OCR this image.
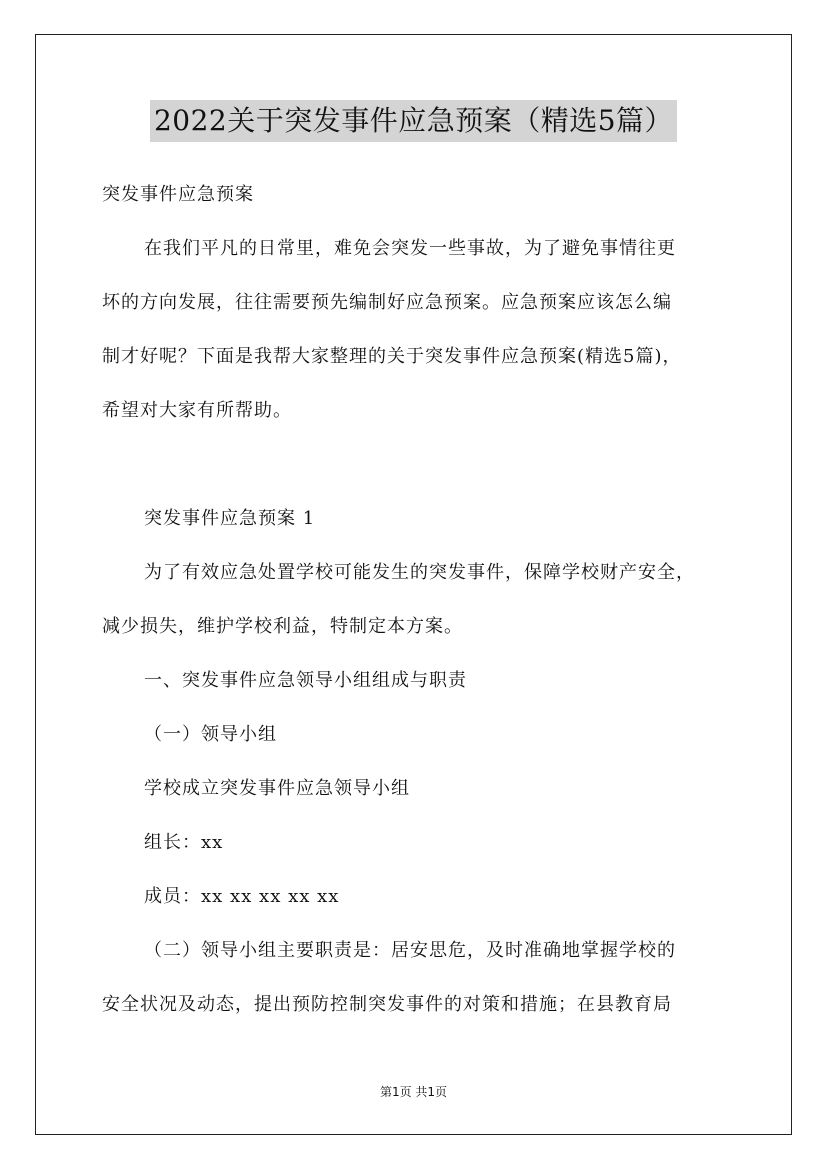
2022关于突发事件应急预案（精选5篇）
突发事件应急预案
在我们平凡的日常里，难免会突发一些事故，为了避免事情往更
坏的方向发展，往往需要预先编制好应急预案。应急预案应该怎么编
制才好呢？下面是我帮大家整理的关于突发事件应急预案(精选5篇)，
希望对大家有所帮助。
突发事件应急预案 1
为了有效应急处置学校可能发生的突发事件，保障学校财产安全，
减少损失，维护学校利益，特制定本方案。
一、突发事件应急领导小组组成与职责
（一）领导小组
学校成立突发事件应急领导小组
组长：xx
成员：xx xx xx xx xx
（二）领导小组主要职责是：居安思危，及时准确地掌握学校的
安全状况及动态，提出预防控制突发事件的对策和措施；在县教育局
第1页 共1页
